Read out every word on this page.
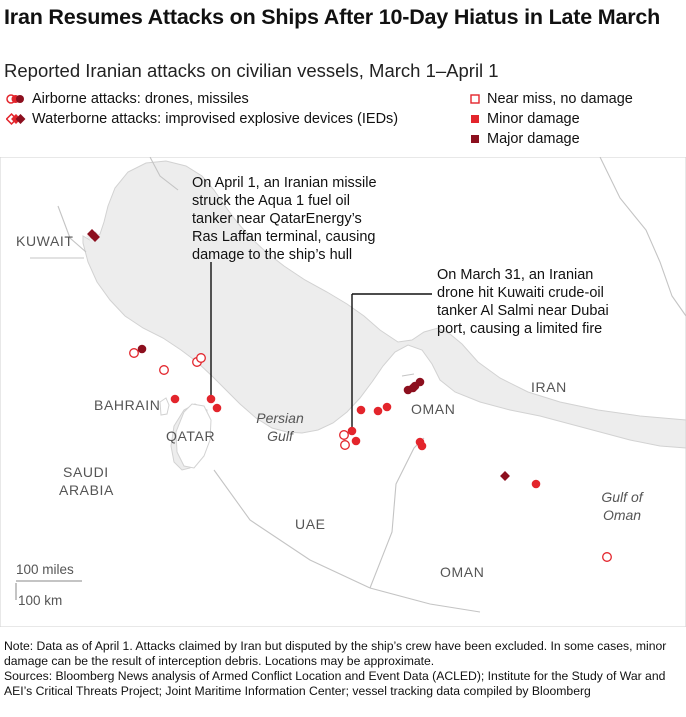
Iran Resumes Attacks on Ships After 10-Day Hiatus in Late March
Reported Iranian attacks on civilian vessels, March 1–April 1
Airborne attacks: drones, missiles
Waterborne attacks: improvised explosive devices (IEDs)
Near miss, no damage
Minor damage
Major damage
KUWAIT
BAHRAIN
QATAR
SAUDI
ARABIA
UAE
OMAN
OMAN
IRAN
Persian
Gulf
Gulf of
Oman
100 miles
100 km
On April 1, an Iranian missile struck the Aqua 1 fuel oil tanker near QatarEnergy’s Ras Laffan terminal, causing damage to the ship’s hull
On March 31, an Iranian drone hit Kuwaiti crude-oil tanker Al Salmi near Dubai port, causing a limited fire
Note: Data as of April 1. Attacks claimed by Iran but disputed by the ship’s crew have been excluded. In some cases, minor damage can be the result of interception debris. Locations may be approximate.
Sources: Bloomberg News analysis of Armed Conflict Location and Event Data (ACLED); Institute for the Study of War and AEI’s Critical Threats Project; Joint Maritime Information Center; vessel tracking data compiled by Bloomberg
